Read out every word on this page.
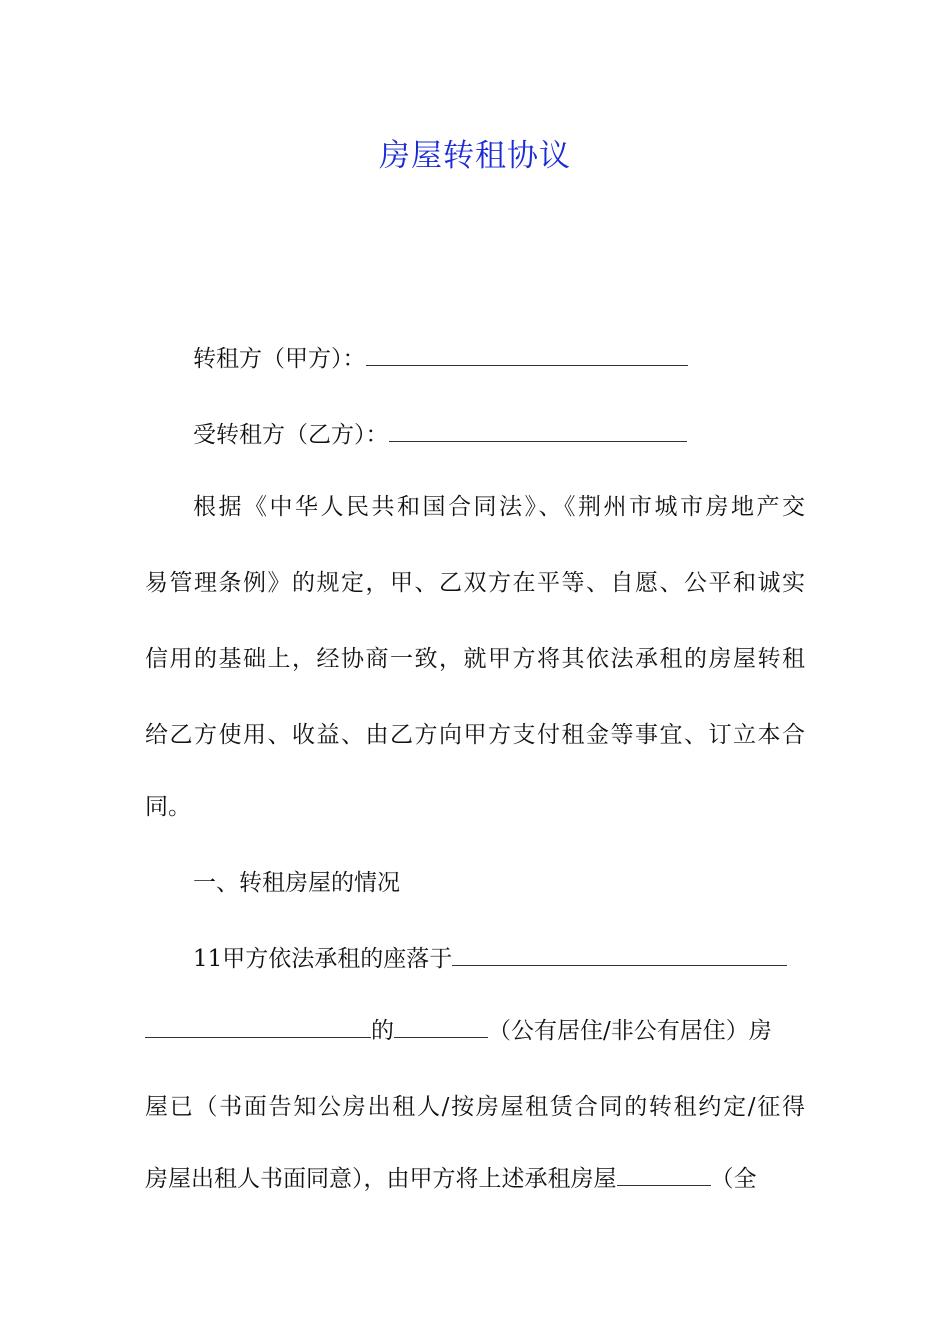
房屋转租协议
转租方（甲方）：
受转租方（乙方）：
根据《中华人民共和国合同法》、《荆州市城市房地产交
易管理条例》的规定，甲、乙双方在平等、自愿、公平和诚实
信用的基础上，经协商一致，就甲方将其依法承租的房屋转租
给乙方使用、收益、由乙方向甲方支付租金等事宜、订立本合
同。
一、转租房屋的情况
11甲方依法承租的座落于
的	（公有居住/非公有居住）房
屋已（书面告知公房出租人/按房屋租赁合同的转租约定/征得
房屋出租人书面同意），由甲方将上述承租房屋	（全
